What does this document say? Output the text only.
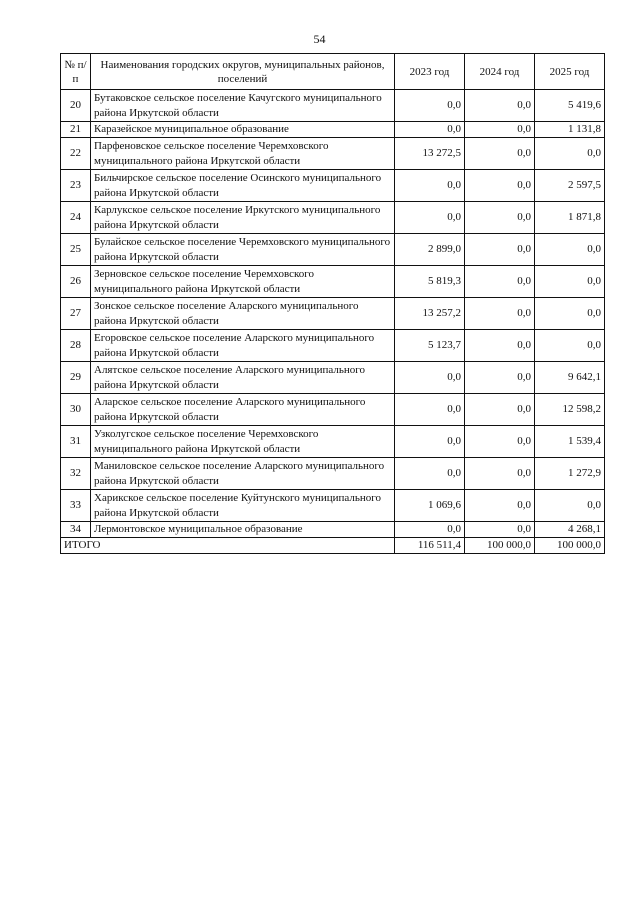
54
№ п/п	Наименования городских округов, муниципальных районов, поселений	2023 год	2024 год	2025 год
20	Бутаковское сельское поселение Качугского муниципального района Иркутской области	0,0	0,0	5 419,6
21	Каразейское муниципальное образование	0,0	0,0	1 131,8
22	Парфеновское сельское поселение Черемховского муниципального района Иркутской области	13 272,5	0,0	0,0
23	Бильчирское сельское поселение Осинского муниципального района Иркутской области	0,0	0,0	2 597,5
24	Карлукское сельское поселение Иркутского муниципального района Иркутской области	0,0	0,0	1 871,8
25	Булайское сельское поселение Черемховского муниципального района Иркутской области	2 899,0	0,0	0,0
26	Зерновское сельское поселение Черемховского муниципального района Иркутской области	5 819,3	0,0	0,0
27	Зонское сельское поселение Аларского муниципального района Иркутской области	13 257,2	0,0	0,0
28	Егоровское сельское поселение Аларского муниципального района Иркутской области	5 123,7	0,0	0,0
29	Алятское сельское поселение Аларского муниципального района Иркутской области	0,0	0,0	9 642,1
30	Аларское сельское поселение Аларского муниципального района Иркутской области	0,0	0,0	12 598,2
31	Узколугское сельское поселение Черемховского муниципального района Иркутской области	0,0	0,0	1 539,4
32	Маниловское сельское поселение Аларского муниципального района Иркутской области	0,0	0,0	1 272,9
33	Харикское сельское поселение Куйтунского муниципального района Иркутской области	1 069,6	0,0	0,0
34	Лермонтовское муниципальное образование	0,0	0,0	4 268,1
ИТОГО		116 511,4	100 000,0	100 000,0
